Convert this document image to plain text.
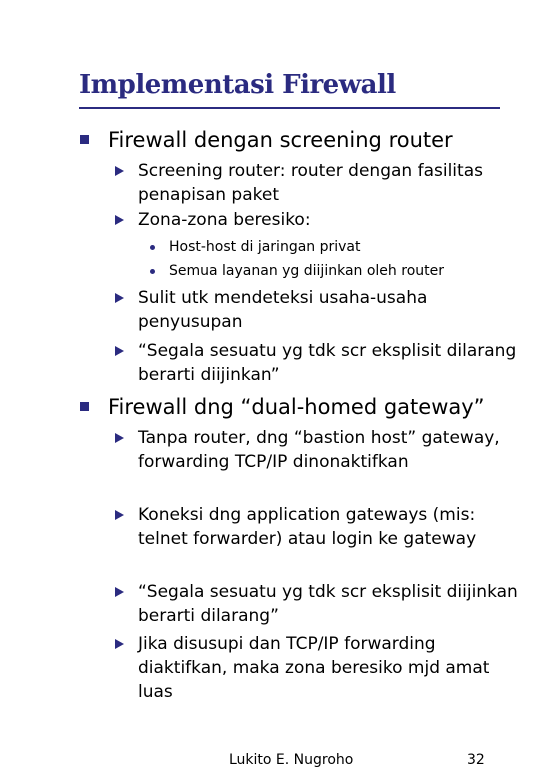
Implementasi Firewall
Firewall dengan screening router
Screening router: router dengan fasilitas penapisan paket
Zona-zona beresiko:
Host-host di jaringan privat
Semua layanan yg diijinkan oleh router
Sulit utk mendeteksi usaha-usaha penyusupan
“Segala sesuatu yg tdk scr eksplisit dilarang berarti diijinkan”
Firewall dng “dual-homed gateway”
Tanpa router, dng “bastion host” gateway, forwarding TCP/IP dinonaktifkan
Koneksi dng application gateways (mis: telnet forwarder) atau login ke gateway
“Segala sesuatu yg tdk scr eksplisit diijinkan berarti dilarang”
Jika disusupi dan TCP/IP forwarding diaktifkan, maka zona beresiko mjd amat luas
Lukito E. Nugroho	32
